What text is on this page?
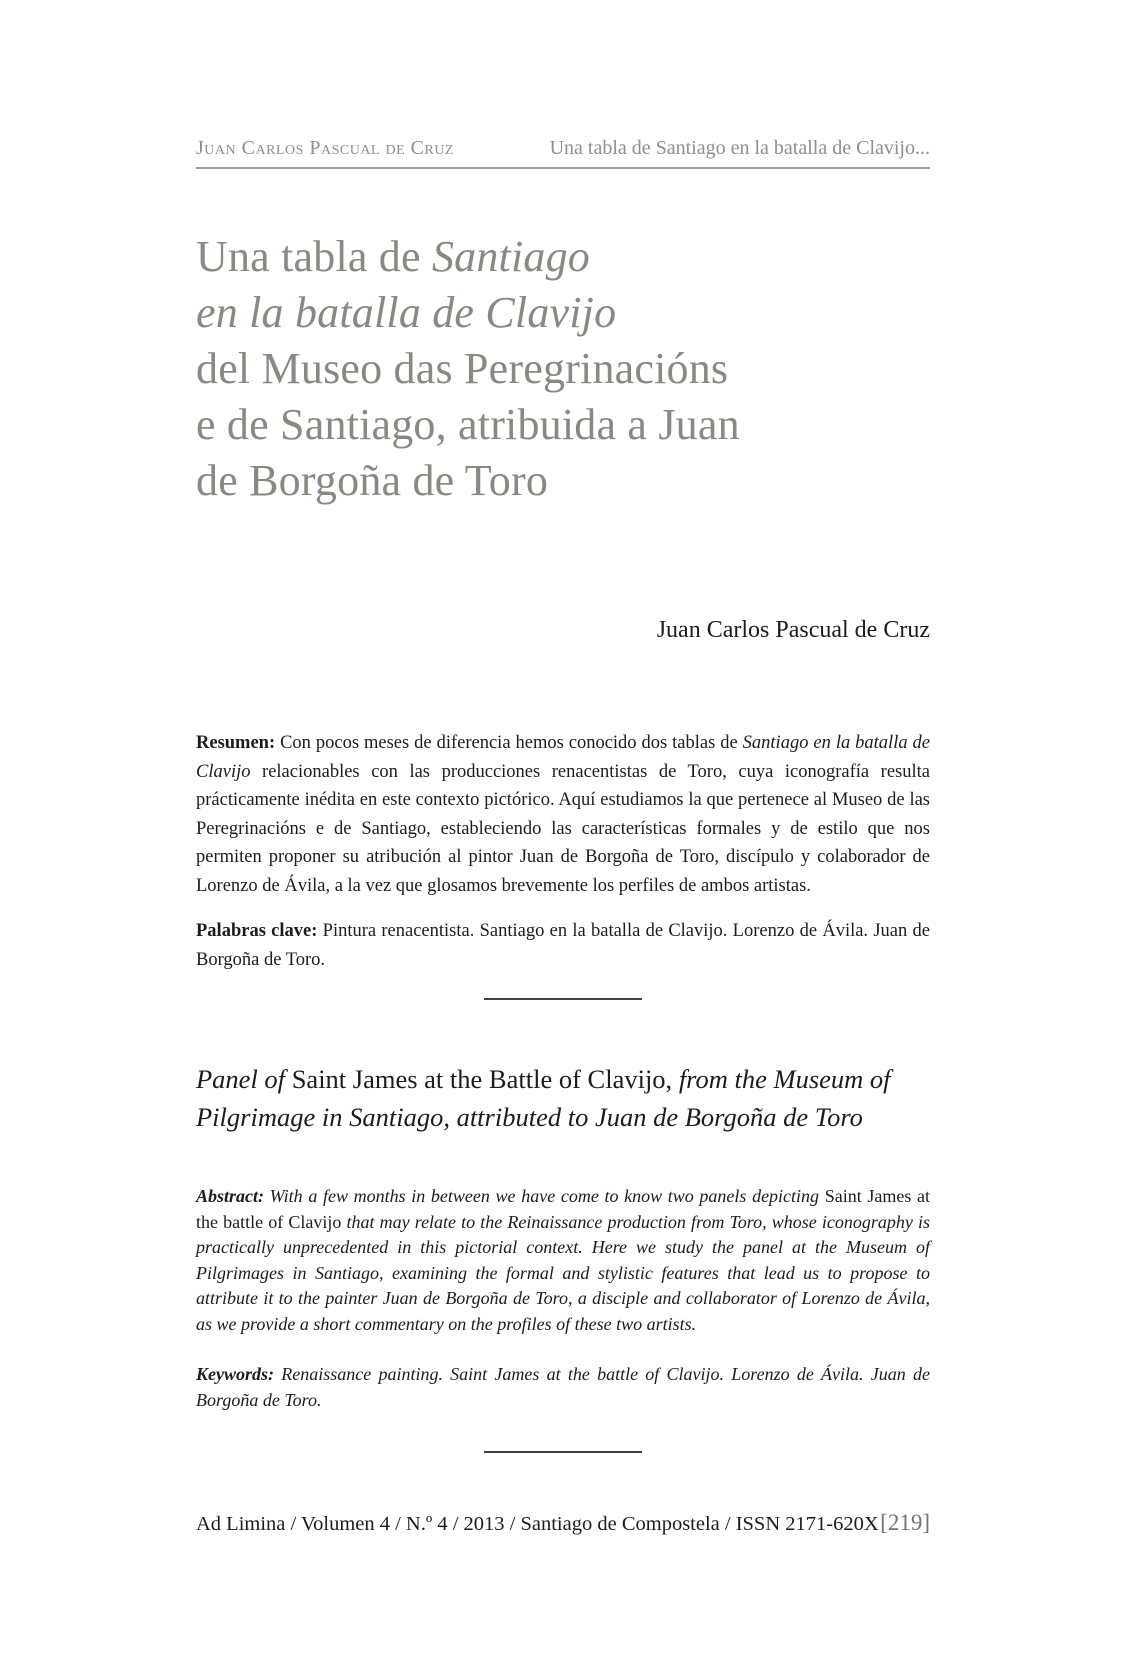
Juan Carlos Pascual de Cruz	Una tabla de Santiago en la batalla de Clavijo...
Una tabla de Santiago
en la batalla de Clavijo
del Museo das Peregrinacións
e de Santiago, atribuida a Juan
de Borgoña de Toro
Juan Carlos Pascual de Cruz

Resumen: Con pocos meses de diferencia hemos conocido dos tablas de Santiago en la batalla de Clavijo relacionables con las producciones renacentistas de Toro, cuya iconografía resulta prácticamente inédita en este contexto pictórico. Aquí estudiamos la que pertenece al Museo de las Peregrinacións e de Santiago, estableciendo las características formales y de estilo que nos permiten proponer su atribución al pintor Juan de Borgoña de Toro, discípulo y colaborador de Lorenzo de Ávila, a la vez que glosamos brevemente los perfiles de ambos artistas.

Palabras clave: Pintura renacentista. Santiago en la batalla de Clavijo. Lorenzo de Ávila. Juan de Borgoña de Toro.

Panel of Saint James at the Battle of Clavijo, from the Museum of Pilgrimage in Santiago, attributed to Juan de Borgoña de Toro

Abstract: With a few months in between we have come to know two panels depicting Saint James at the battle of Clavijo that may relate to the Reinaissance production from Toro, whose iconography is practically unprecedented in this pictorial context. Here we study the panel at the Museum of Pilgrimages in Santiago, examining the formal and stylistic features that lead us to propose to attribute it to the painter Juan de Borgoña de Toro, a disciple and collaborator of Lorenzo de Ávila, as we provide a short commentary on the profiles of these two artists.

Keywords: Renaissance painting. Saint James at the battle of Clavijo. Lorenzo de Ávila. Juan de Borgoña de Toro.

Ad Limina / Volumen 4 / N.º 4 / 2013 / Santiago de Compostela / ISSN 2171-620X [219]
